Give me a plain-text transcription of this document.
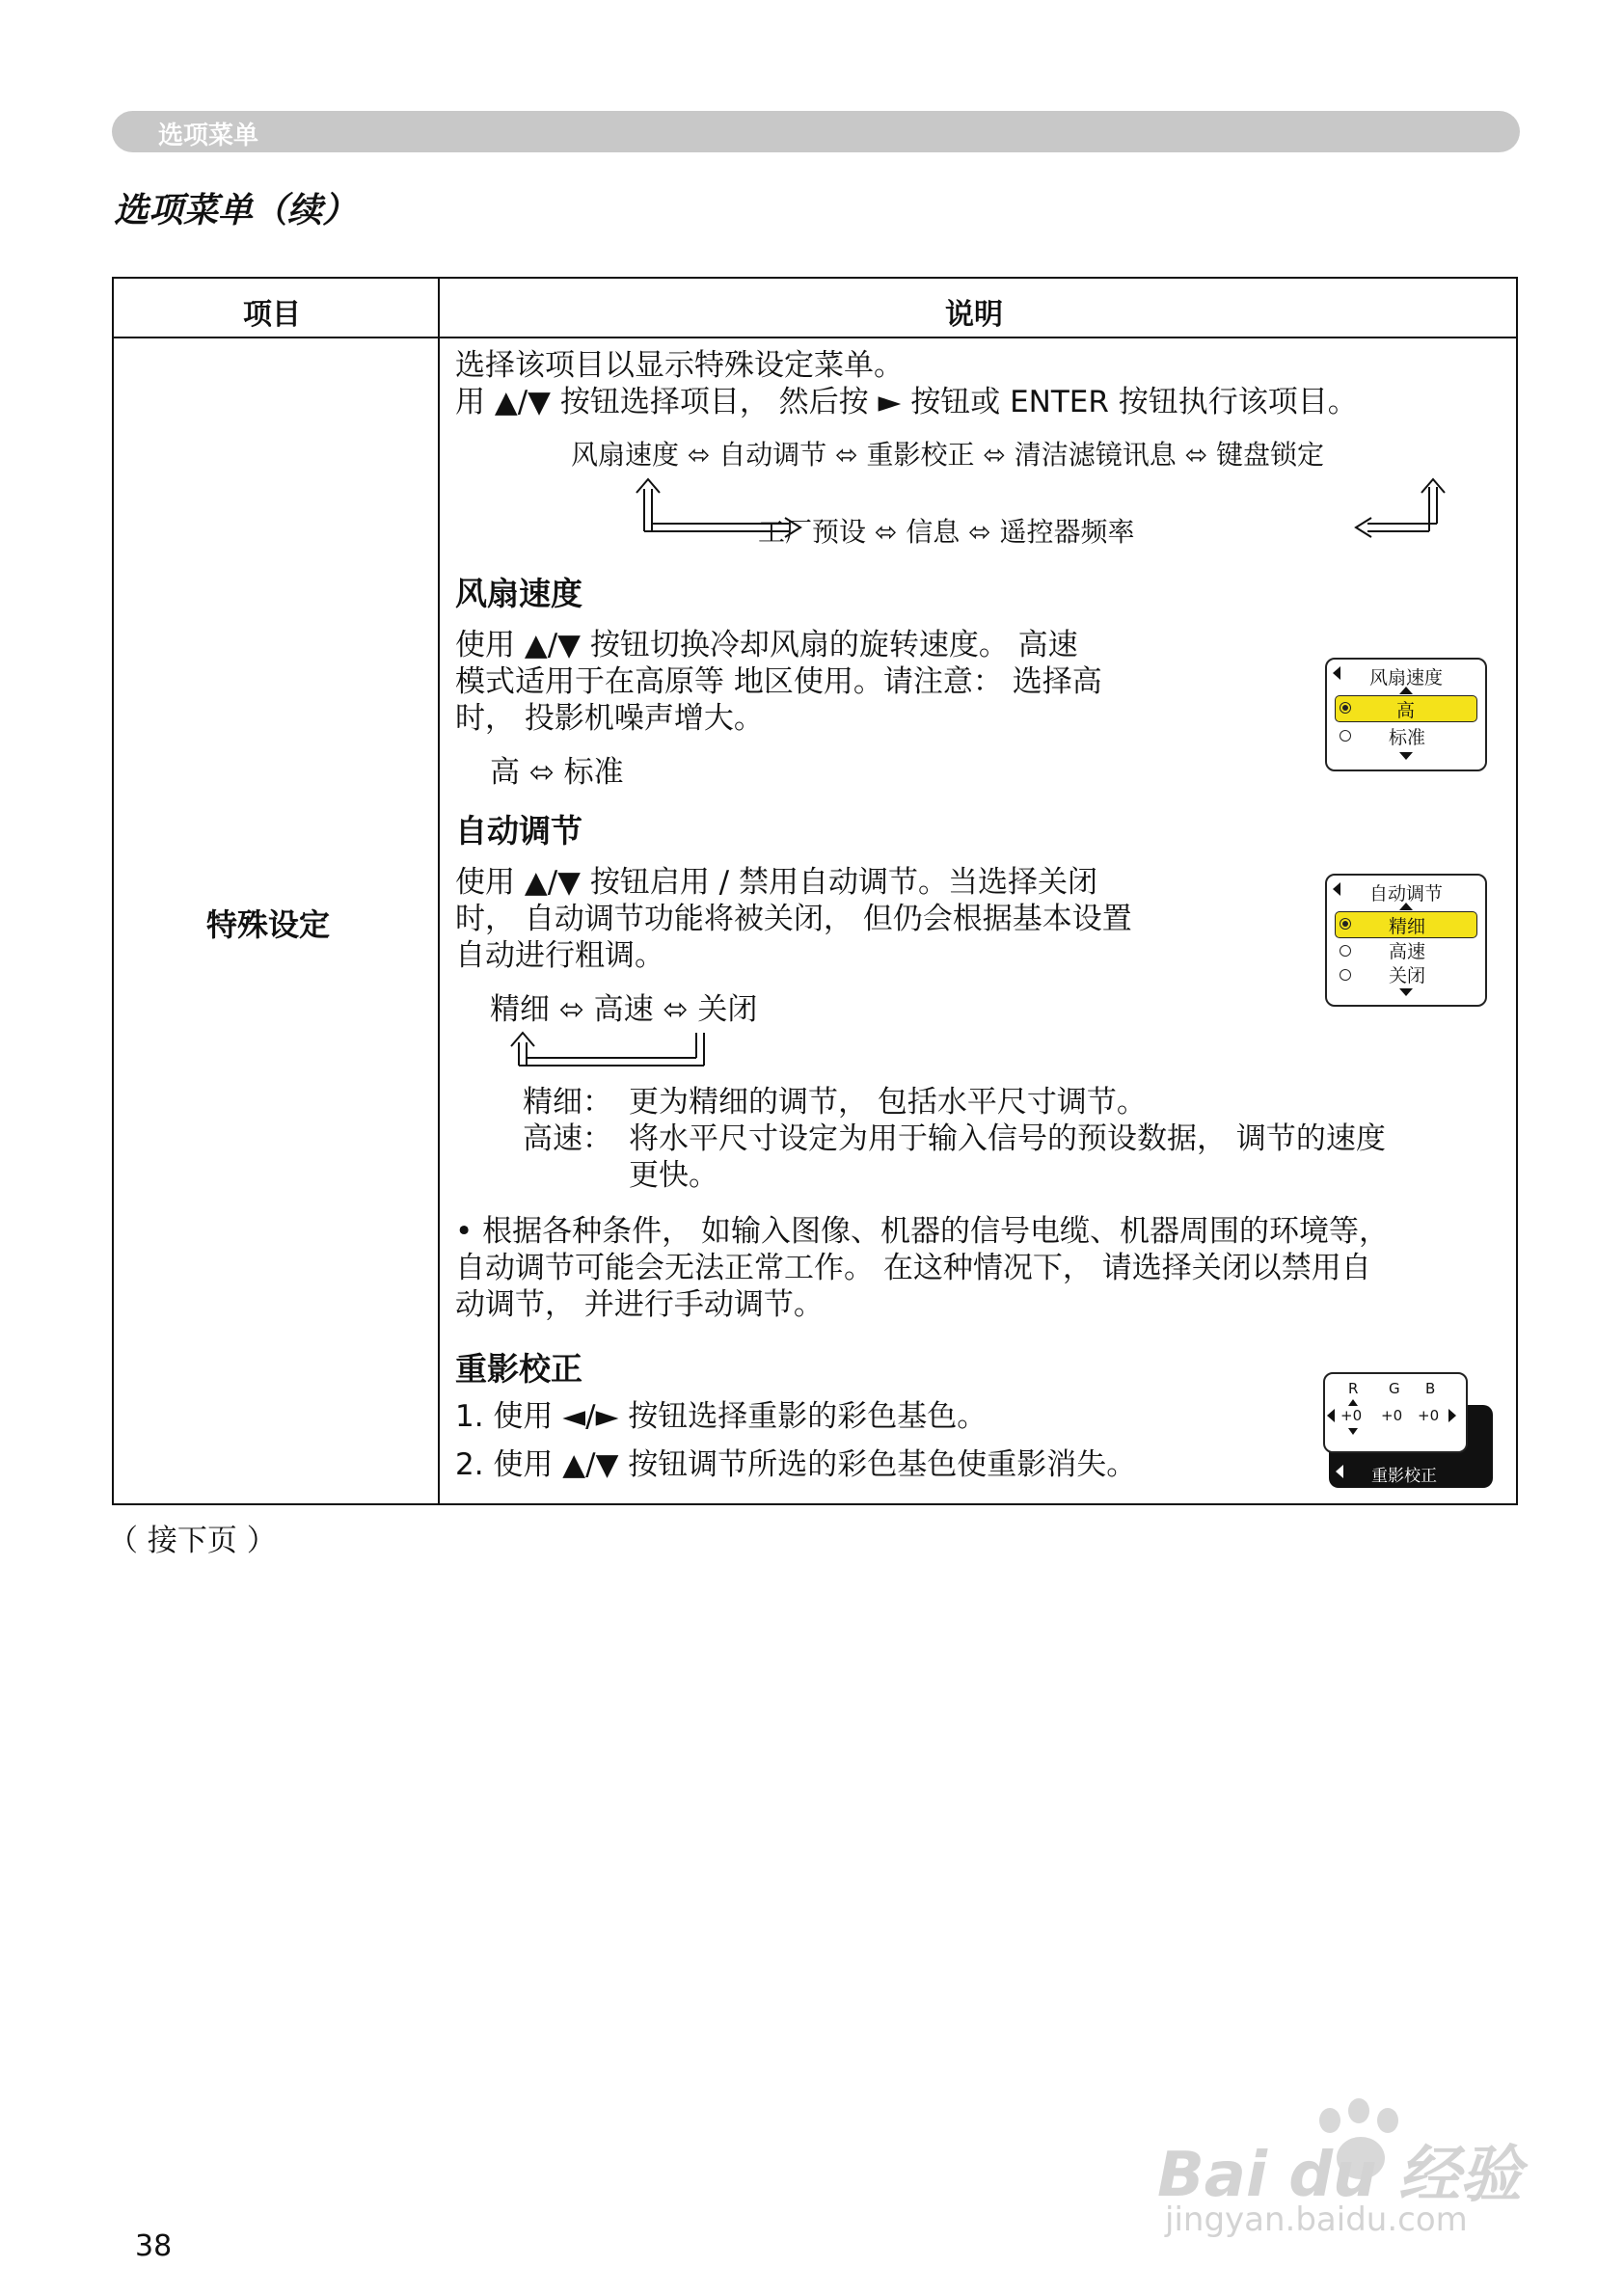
选项菜单
选项菜单（续）
项目	说明
特殊设定
选择该项目以显示特殊设定菜单。
用 ▲/▼ 按钮选择项目， 然后按 ► 按钮或 ENTER 按钮执行该项目。
风扇速度 ⬄ 自动调节 ⬄ 重影校正 ⬄ 清洁滤镜讯息 ⬄ 键盘锁定
工厂预设 ⬄ 信息 ⬄ 遥控器频率
风扇速度
使用 ▲/▼ 按钮切换冷却风扇的旋转速度。 高速
模式适用于在高原等 地区使用。请注意： 选择高
时， 投影机噪声增大。
高 ⬄ 标准
风扇速度
高
标准
自动调节
使用 ▲/▼ 按钮启用 / 禁用自动调节。当选择关闭
时， 自动调节功能将被关闭， 但仍会根据基本设置
自动进行粗调。
精细 ⬄ 高速 ⬄ 关闭
精细： 更为精细的调节， 包括水平尺寸调节。
高速： 将水平尺寸设定为用于输入信号的预设数据， 调节的速度
更快。
• 根据各种条件， 如输入图像、机器的信号电缆、机器周围的环境等，
自动调节可能会无法正常工作。 在这种情况下， 请选择关闭以禁用自
动调节， 并进行手动调节。
自动调节
精细
高速
关闭
重影校正
1. 使用 ◄/► 按钮选择重影的彩色基色。
2. 使用 ▲/▼ 按钮调节所选的彩色基色使重影消失。	重影校正
R G B
+0 +0 +0
（ 接下页 ）
38
Bai du 经验
jingyan.baidu.com
